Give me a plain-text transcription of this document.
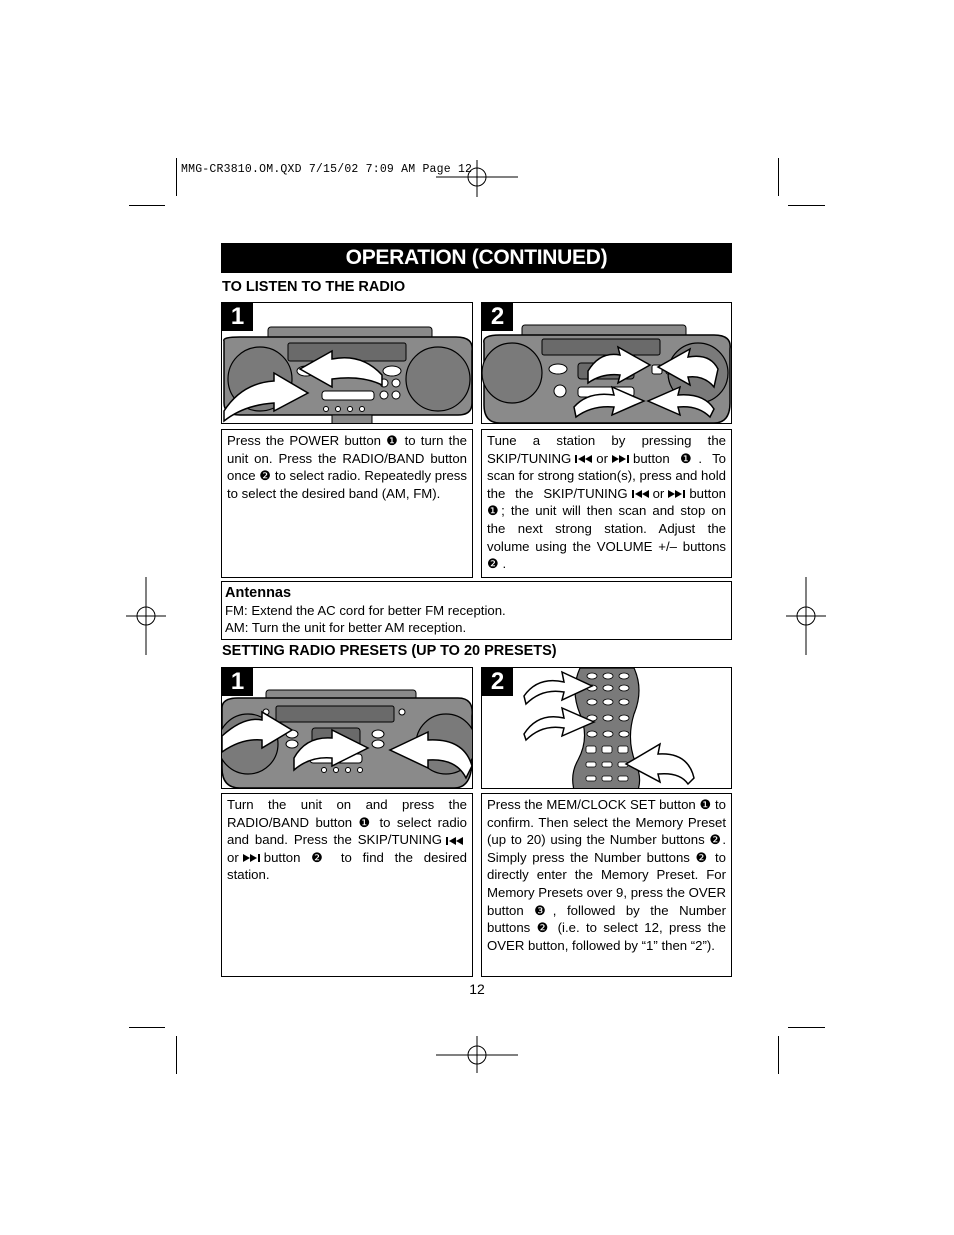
MMG-CR3810.OM.QXD 7/15/02 7:09 AM Page 12
OPERATION (CONTINUED)
TO LISTEN TO THE RADIO
1	2

Press the POWER button ❶ to turn the unit on. Press the RADIO/BAND button once ❷ to select radio. Repeatedly press to select the desired band (AM, FM).

Tune a station by pressing the SKIP/TUNING or button ❶. To scan for strong station(s), press and hold the the SKIP/TUNING or button ❶; the unit will then scan and stop on the next strong station. Adjust the volume using the VOLUME +/– buttons ❷ .

Antennas

FM: Extend the AC cord for better FM reception.

AM: Turn the unit for better AM reception.

SETTING RADIO PRESETS (UP TO 20 PRESETS)
1	2

Turn the unit on and press the RADIO/BAND button ❶ to select radio and band. Press the SKIP/TUNINGor button ❷ to find the desired station.

Press the MEM/CLOCK SET button ❶ to confirm. Then select the Memory Preset (up to 20) using the Number buttons ❷. Simply press the Number buttons ❷ to directly enter the Memory Preset. For Memory Presets over 9, press the OVER button ❸, followed by the Number buttons ❷ (i.e. to select 12, press the OVER button, followed by “1” then “2”).

12
